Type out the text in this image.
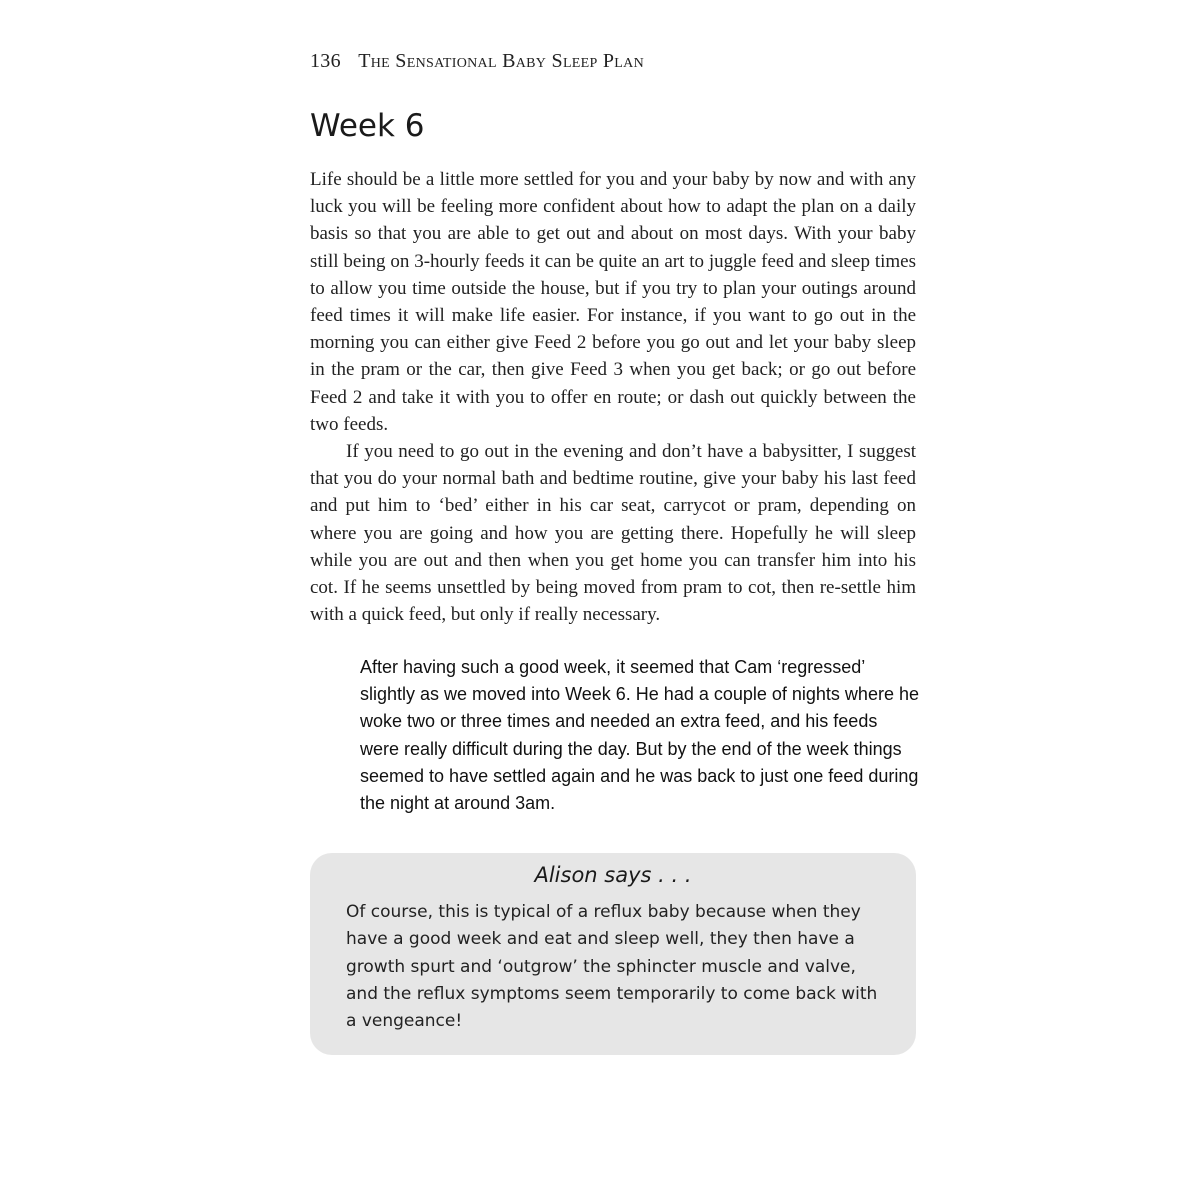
136 The Sensational Baby Sleep Plan
Week 6

Life should be a little more settled for you and your baby by now and with any luck you will be feeling more confident about how to adapt the plan on a daily basis so that you are able to get out and about on most days. With your baby still being on 3-hourly feeds it can be quite an art to juggle feed and sleep times to allow you time outside the house, but if you try to plan your outings around feed times it will make life easier. For instance, if you want to go out in the morning you can either give Feed 2 before you go out and let your baby sleep in the pram or the car, then give Feed 3 when you get back; or go out before Feed 2 and take it with you to offer en route; or dash out quickly between the two feeds.

If you need to go out in the evening and don’t have a babysitter, I suggest that you do your normal bath and bedtime routine, give your baby his last feed and put him to ‘bed’ either in his car seat, carrycot or pram, depending on where you are going and how you are getting there. Hopefully he will sleep while you are out and then when you get home you can transfer him into his cot. If he seems unsettled by being moved from pram to cot, then re-settle him with a quick feed, but only if really necessary.

After having such a good week, it seemed that Cam ‘regressed’ slightly as we moved into Week 6. He had a couple of nights where he woke two or three times and needed an extra feed, and his feeds were really difficult during the day. But by the end of the week things seemed to have settled again and he was back to just one feed during the night at around 3am.

Alison says . . .

Of course, this is typical of a reflux baby because when they have a good week and eat and sleep well, they then have a growth spurt and ‘outgrow’ the sphincter muscle and valve, and the reflux symptoms seem temporarily to come back with a vengeance!
